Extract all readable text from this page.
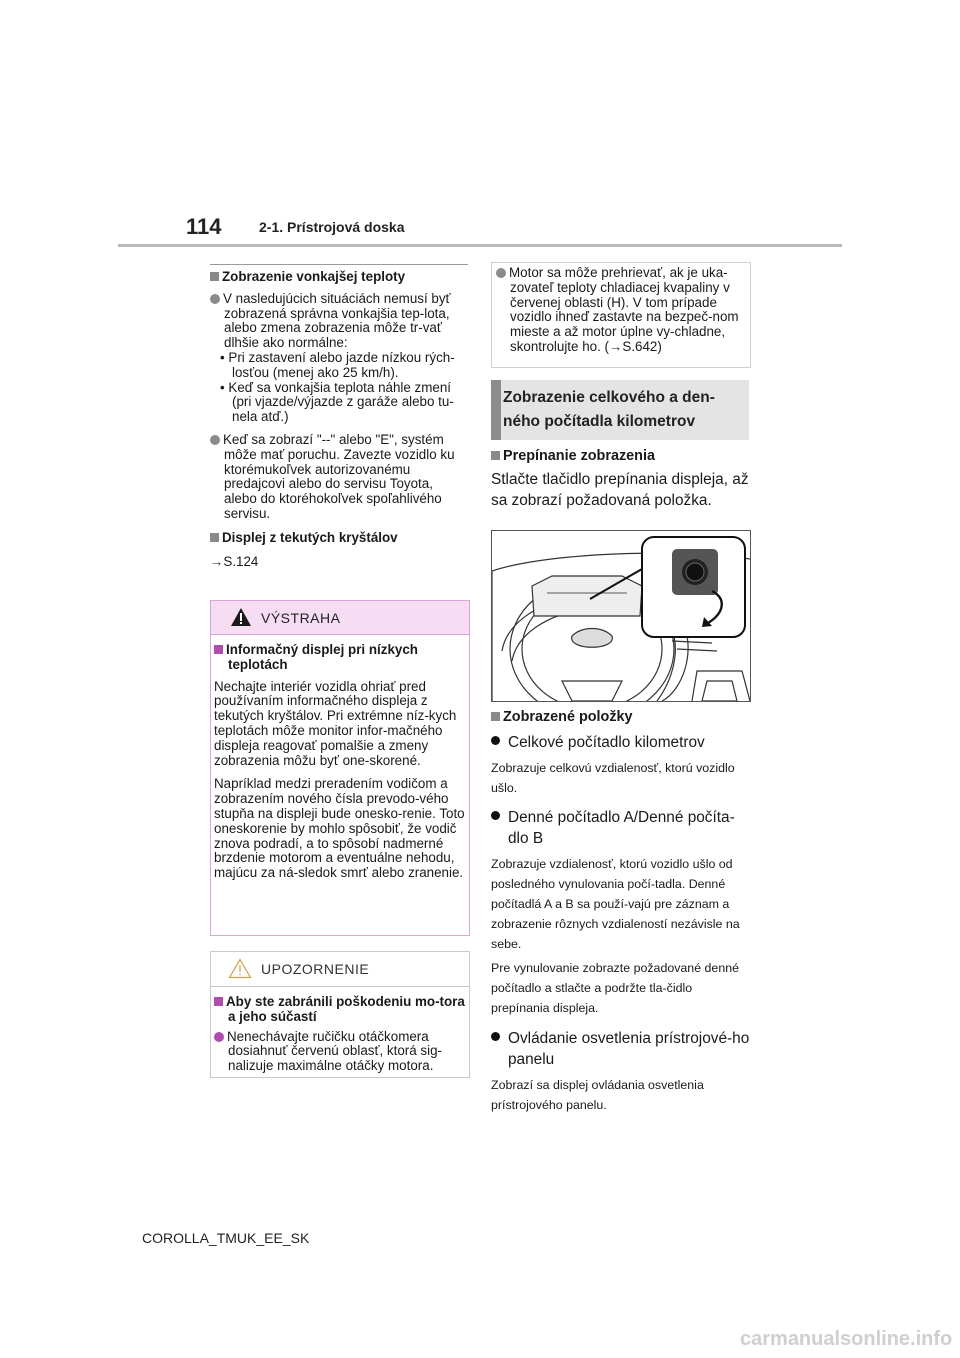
114	2-1. Prístrojová doska
Zobrazenie vonkajšej teploty
V nasledujúcich situáciách nemusí byť zobrazená správna vonkajšia tep-lota, alebo zmena zobrazenia môže tr-vať dlhšie ako normálne:
• Pri zastavení alebo jazde nízkou rých-losťou (menej ako 25 km/h).
• Keď sa vonkajšia teplota náhle zmení (pri vjazde/výjazde z garáže alebo tu-nela atď.)
Keď sa zobrazí "--" alebo "E", systém môže mať poruchu. Zavezte vozidlo ku ktorémukoľvek autorizovanému predajcovi alebo do servisu Toyota, alebo do ktoréhokoľvek spoľahlivého servisu.
Displej z tekutých kryštálov
→S.124
VÝSTRAHA
Informačný displej pri nízkych teplotách
Nechajte interiér vozidla ohriať pred používaním informačného displeja z tekutých kryštálov. Pri extrémne níz-kych teplotách môže monitor infor-mačného displeja reagovať pomalšie a zmeny zobrazenia môžu byť one-skorené.
Napríklad medzi preradením vodičom a zobrazením nového čísla prevodo-vého stupňa na displeji bude onesko-renie. Toto oneskorenie by mohlo spôsobiť, že vodič znova podradí, a to spôsobí nadmerné brzdenie motorom a eventuálne nehodu, majúcu za ná-sledok smrť alebo zranenie.
UPOZORNENIE
Aby ste zabránili poškodeniu mo-tora a jeho súčastí
Nenechávajte ručičku otáčkomera dosiahnuť červenú oblasť, ktorá sig-nalizuje maximálne otáčky motora.
Motor sa môže prehrievať, ak je uka-zovateľ teploty chladiacej kvapaliny v červenej oblasti (H). V tom prípade vozidlo ihneď zastavte na bezpeč-nom mieste a až motor úplne vy-chladne, skontrolujte ho. (→S.642)
Zobrazenie celkového a den-ného počítadla kilometrov
Prepínanie zobrazenia
Stlačte tlačidlo prepínania displeja, až sa zobrazí požadovaná položka.
Zobrazené položky
Celkové počítadlo kilometrov
Zobrazuje celkovú vzdialenosť, ktorú vozidlo ušlo.
Denné počítadlo A/Denné počíta-dlo B
Zobrazuje vzdialenosť, ktorú vozidlo ušlo od posledného vynulovania počí-tadla. Denné počítadlá A a B sa použí-vajú pre záznam a zobrazenie rôznych vzdialeností nezávisle na sebe.
Pre vynulovanie zobrazte požadované denné počítadlo a stlačte a podržte tla-čidlo prepínania displeja.
Ovládanie osvetlenia prístrojové-ho panelu
Zobrazí sa displej ovládania osvetlenia prístrojového panelu.
COROLLA_TMUK_EE_SK
carmanualsonline.info
